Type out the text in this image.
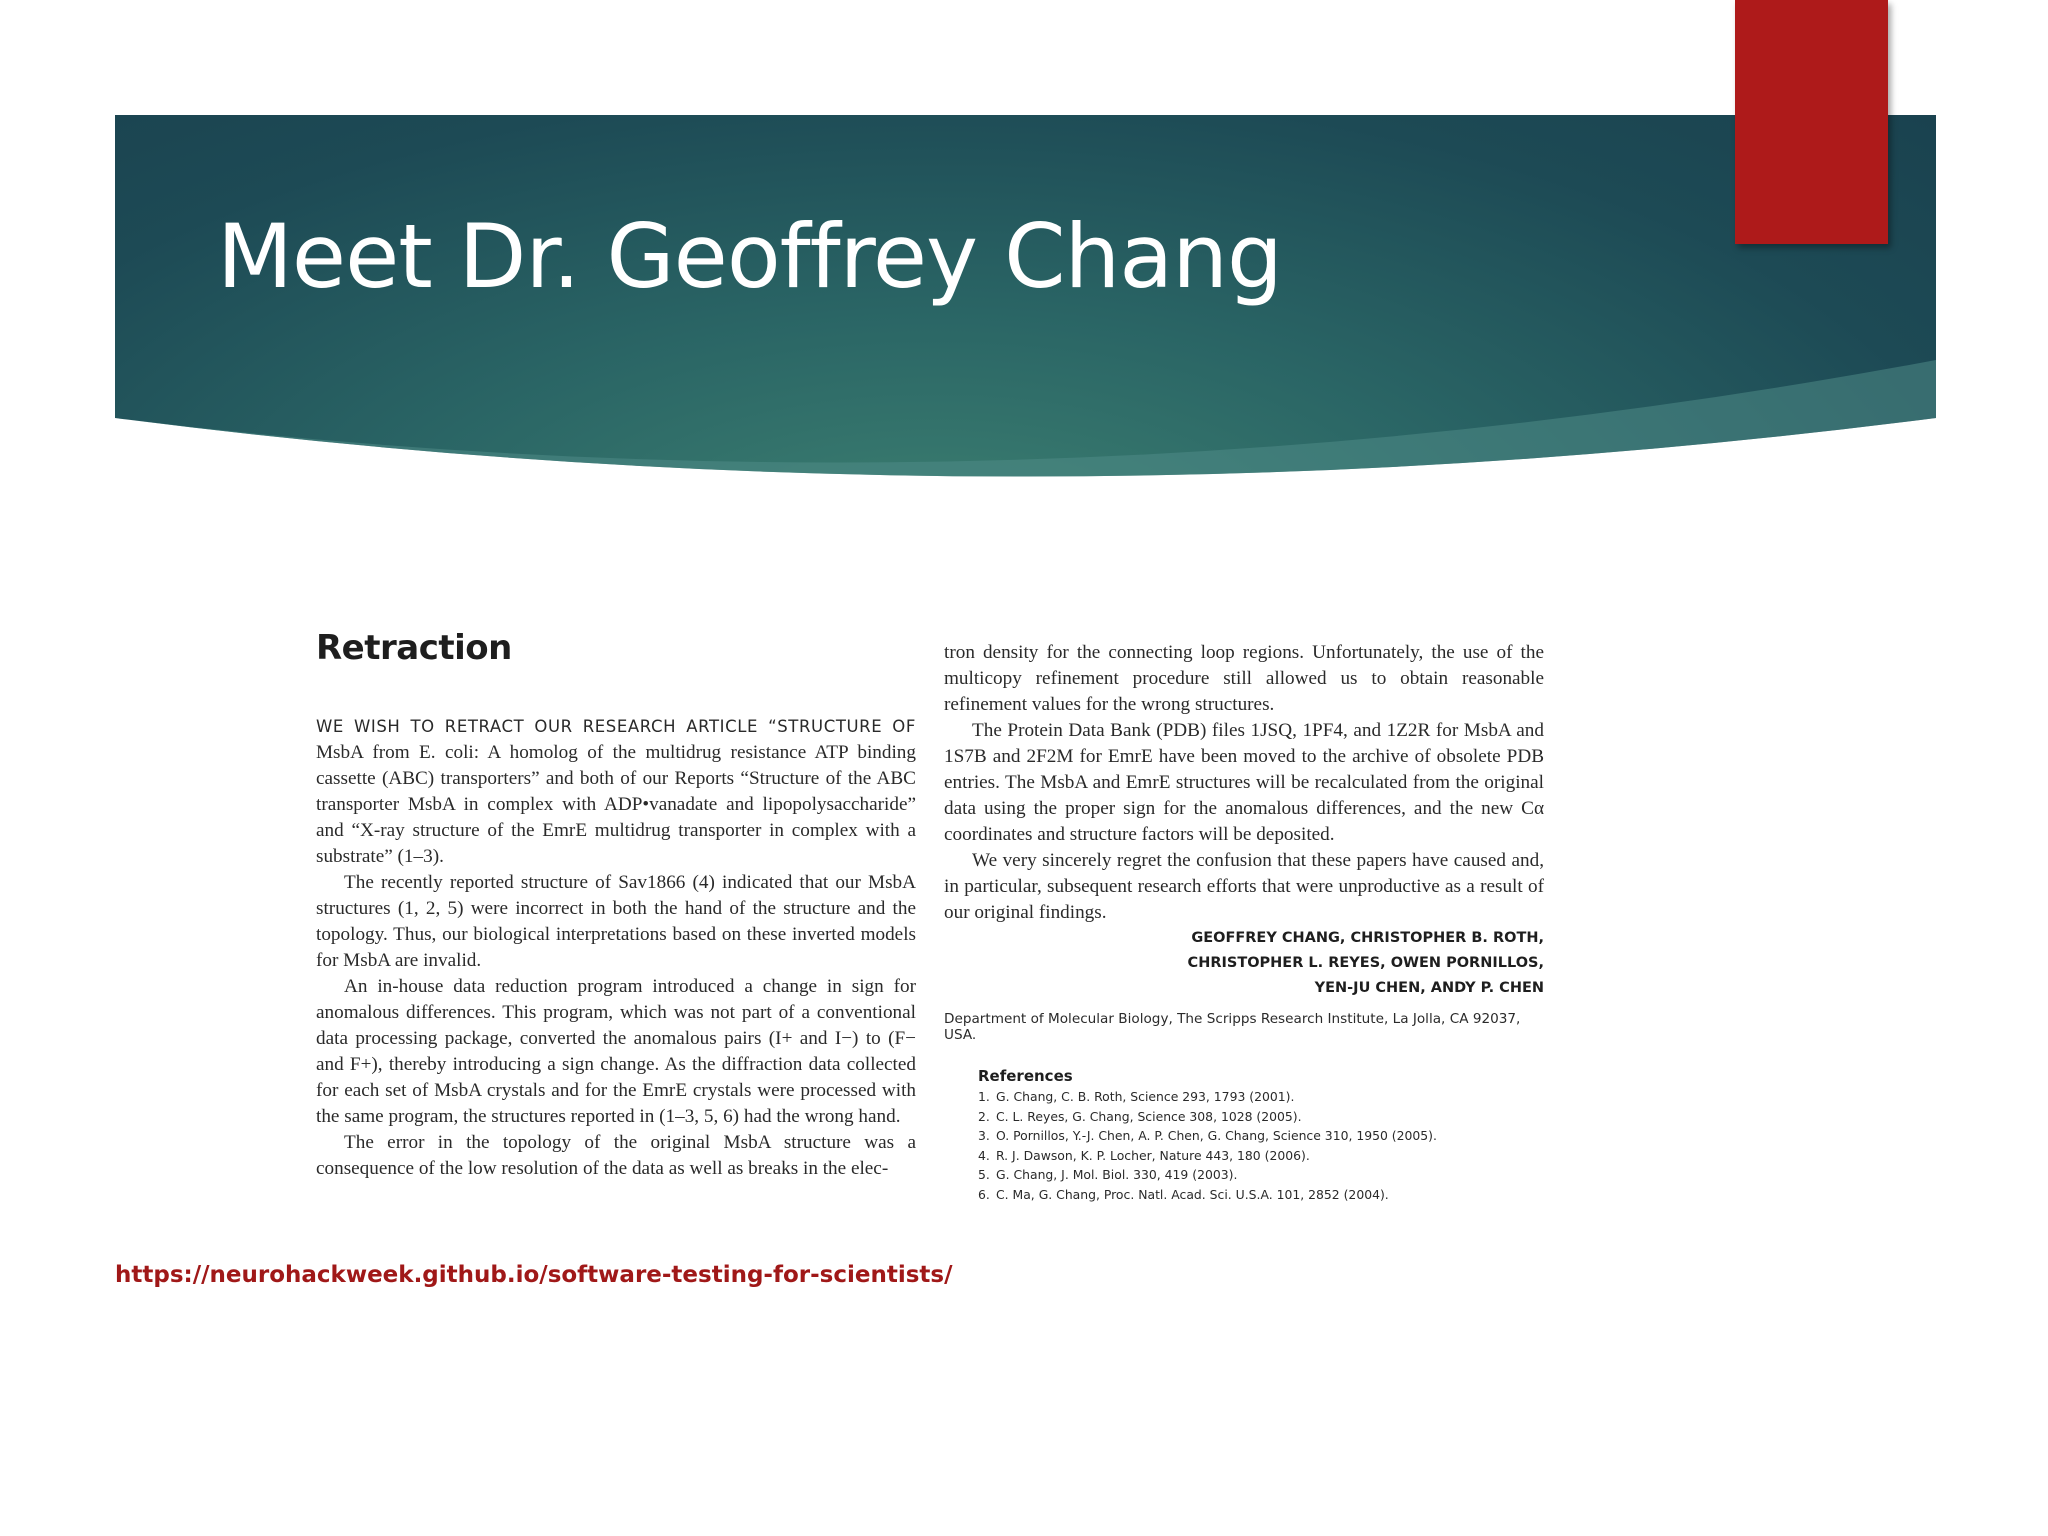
Meet Dr. Geoffrey Chang
Retraction

WE WISH TO RETRACT OUR RESEARCH ARTICLE “STRUCTURE OF MsbA from E. coli: A homolog of the multidrug resistance ATP binding cassette (ABC) transporters” and both of our Reports “Structure of the ABC transporter MsbA in complex with ADP•vanadate and lipopolysaccharide” and “X-ray structure of the EmrE multidrug transporter in complex with a substrate” (1–3).

The recently reported structure of Sav1866 (4) indicated that our MsbA structures (1, 2, 5) were incorrect in both the hand of the structure and the topology. Thus, our biological interpretations based on these inverted models for MsbA are invalid.

An in-house data reduction program introduced a change in sign for anomalous differences. This program, which was not part of a conventional data processing package, converted the anomalous pairs (I+ and I−) to (F− and F+), thereby introducing a sign change. As the diffraction data collected for each set of MsbA crystals and for the EmrE crystals were processed with the same program, the structures reported in (1–3, 5, 6) had the wrong hand.

The error in the topology of the original MsbA structure was a consequence of the low resolution of the data as well as breaks in the elec-

tron density for the connecting loop regions. Unfortunately, the use of the multicopy refinement procedure still allowed us to obtain reasonable refinement values for the wrong structures.

The Protein Data Bank (PDB) files 1JSQ, 1PF4, and 1Z2R for MsbA and 1S7B and 2F2M for EmrE have been moved to the archive of obsolete PDB entries. The MsbA and EmrE structures will be recalculated from the original data using the proper sign for the anomalous differences, and the new Cα coordinates and structure factors will be deposited.

We very sincerely regret the confusion that these papers have caused and, in particular, subsequent research efforts that were unproductive as a result of our original findings.

GEOFFREY CHANG, CHRISTOPHER B. ROTH,
CHRISTOPHER L. REYES, OWEN PORNILLOS,
YEN-JU CHEN, ANDY P. CHEN

Department of Molecular Biology, The Scripps Research Institute, La Jolla, CA 92037, USA.

References
1. G. Chang, C. B. Roth, Science 293, 1793 (2001).
2. C. L. Reyes, G. Chang, Science 308, 1028 (2005).
3. O. Pornillos, Y.-J. Chen, A. P. Chen, G. Chang, Science 310, 1950 (2005).
4. R. J. Dawson, K. P. Locher, Nature 443, 180 (2006).
5. G. Chang, J. Mol. Biol. 330, 419 (2003).
6. C. Ma, G. Chang, Proc. Natl. Acad. Sci. U.S.A. 101, 2852 (2004).
https://neurohackweek.github.io/software-testing-for-scientists/
